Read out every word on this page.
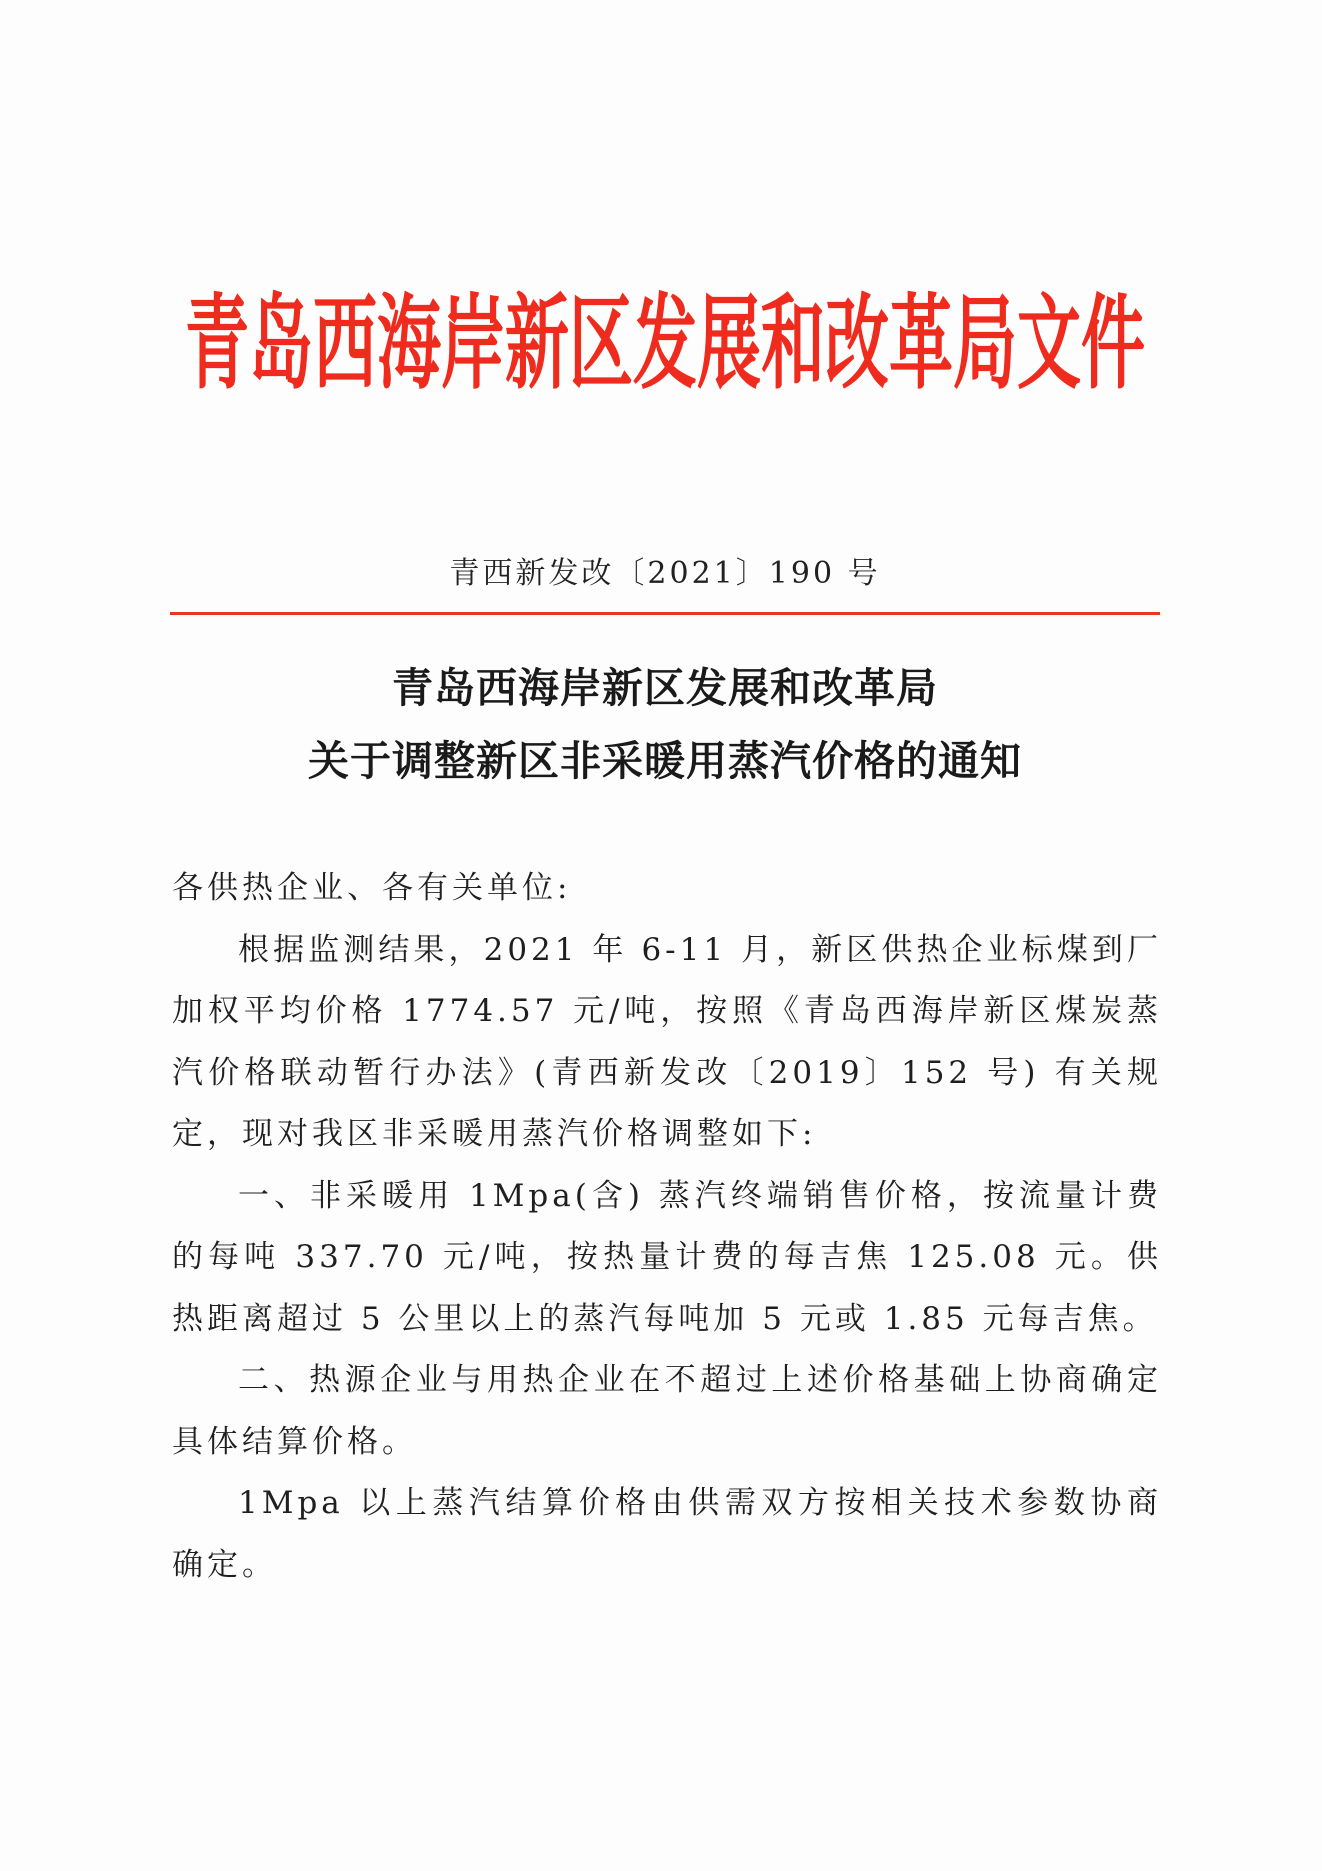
青岛西海岸新区发展和改革局文件
青西新发改〔2021〕190 号
青岛西海岸新区发展和改革局
关于调整新区非采暖用蒸汽价格的通知

各供热企业、各有关单位:

根据监测结果，2021 年 6-11 月，新区供热企业标煤到厂加权平均价格 1774.57 元/吨，按照《青岛西海岸新区煤炭蒸汽价格联动暂行办法》(青西新发改〔2019〕152 号) 有关规定，现对我区非采暖用蒸汽价格调整如下:

一、非采暖用 1Mpa(含) 蒸汽终端销售价格，按流量计费的每吨 337.70 元/吨，按热量计费的每吉焦 125.08 元。供热距离超过 5 公里以上的蒸汽每吨加 5 元或 1.85 元每吉焦。

二、热源企业与用热企业在不超过上述价格基础上协商确定具体结算价格。

1Mpa 以上蒸汽结算价格由供需双方按相关技术参数协商确定。
